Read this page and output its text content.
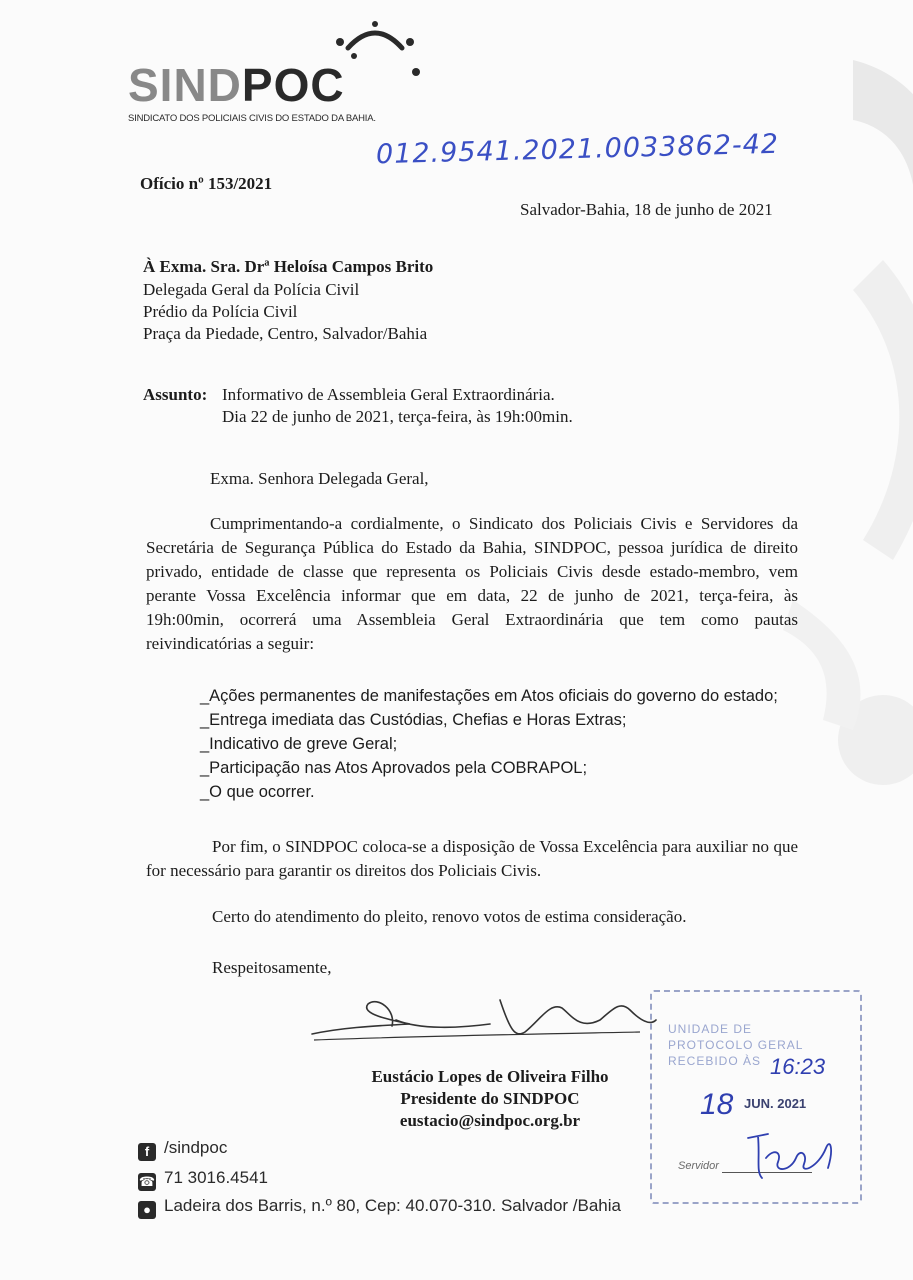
SINDPOC
SINDICATO DOS POLICIAIS CIVIS DO ESTADO DA BAHIA.
012.9541.2021.0033862-42
Ofício nº 153/2021
Salvador-Bahia, 18 de junho de 2021
À Exma. Sra. Drª Heloísa Campos Brito
Delegada Geral da Polícia Civil
Prédio da Polícia Civil
Praça da Piedade, Centro, Salvador/Bahia
Assunto: Informativo de Assembleia Geral Extraordinária.
Dia 22 de junho de 2021, terça-feira, às 19h:00min.
Exma. Senhora Delegada Geral,
Cumprimentando-a cordialmente, o Sindicato dos Policiais Civis e Servidores da Secretária de Segurança Pública do Estado da Bahia, SINDPOC, pessoa jurídica de direito privado, entidade de classe que representa os Policiais Civis desde estado-membro, vem perante Vossa Excelência informar que em data, 22 de junho de 2021, terça-feira, às 19h:00min, ocorrerá uma Assembleia Geral Extraordinária que tem como pautas reivindicatórias a seguir:
_Ações permanentes de manifestações em Atos oficiais do governo do estado;
_Entrega imediata das Custódias, Chefias e Horas Extras;
_Indicativo de greve Geral;
_Participação nas Atos Aprovados pela COBRAPOL;
_O que ocorrer.
Por fim, o SINDPOC coloca-se a disposição de Vossa Excelência para auxiliar no que for necessário para garantir os direitos dos Policiais Civis.
Certo do atendimento do pleito, renovo votos de estima consideração.
Respeitosamente,
Eustácio Lopes de Oliveira Filho
Presidente do SINDPOC
eustacio@sindpoc.org.br
f /sindpoc
☎ 71 3016.4541
● Ladeira dos Barris, n.º 80, Cep: 40.070-310. Salvador /Bahia
UNIDADE DE
PROTOCOLO GERAL
RECEBIDO ÀS 16:23
18 JUN. 2021
Servidor
